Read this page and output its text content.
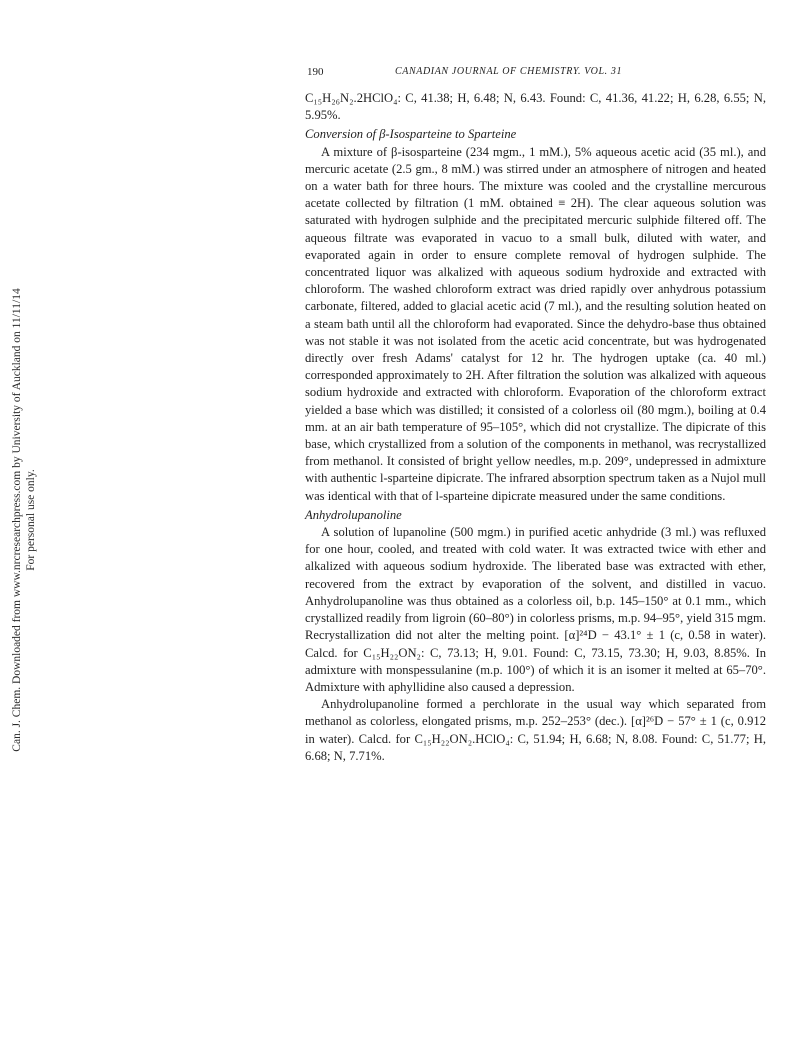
Can. J. Chem. Downloaded from www.nrcresearchpress.com by University of Auckland on 11/11/14 For personal use only.
190	CANADIAN JOURNAL OF CHEMISTRY. VOL. 31

C₁₅H₂₆N₂.2HClO₄: C, 41.38; H, 6.48; N, 6.43. Found: C, 41.36, 41.22; H, 6.28, 6.55; N, 5.95%.

Conversion of β-Isosparteine to Sparteine

A mixture of β-isosparteine (234 mgm., 1 mM.), 5% aqueous acetic acid (35 ml.), and mercuric acetate (2.5 gm., 8 mM.) was stirred under an atmosphere of nitrogen and heated on a water bath for three hours. The mixture was cooled and the crystalline mercurous acetate collected by filtration (1 mM. obtained ≡ 2H). The clear aqueous solution was saturated with hydrogen sulphide and the precipitated mercuric sulphide filtered off. The aqueous filtrate was evaporated in vacuo to a small bulk, diluted with water, and evaporated again in order to ensure complete removal of hydrogen sulphide. The concentrated liquor was alkalized with aqueous sodium hydroxide and extracted with chloroform. The washed chloroform extract was dried rapidly over anhydrous potassium carbonate, filtered, added to glacial acetic acid (7 ml.), and the resulting solution heated on a steam bath until all the chloroform had evaporated. Since the dehydro-base thus obtained was not stable it was not isolated from the acetic acid concentrate, but was hydrogenated directly over fresh Adams' catalyst for 12 hr. The hydrogen uptake (ca. 40 ml.) corresponded approximately to 2H. After filtration the solution was alkalized with aqueous sodium hydroxide and extracted with chloroform. Evaporation of the chloroform extract yielded a base which was distilled; it consisted of a colorless oil (80 mgm.), boiling at 0.4 mm. at an air bath temperature of 95–105°, which did not crystallize. The dipicrate of this base, which crystallized from a solution of the components in methanol, was recrystallized from methanol. It consisted of bright yellow needles, m.p. 209°, undepressed in admixture with authentic l-sparteine dipicrate. The infrared absorption spectrum taken as a Nujol mull was identical with that of l-sparteine dipicrate measured under the same conditions.

Anhydrolupanoline

A solution of lupanoline (500 mgm.) in purified acetic anhydride (3 ml.) was refluxed for one hour, cooled, and treated with cold water. It was extracted twice with ether and alkalized with aqueous sodium hydroxide. The liberated base was extracted with ether, recovered from the extract by evaporation of the solvent, and distilled in vacuo. Anhydrolupanoline was thus obtained as a colorless oil, b.p. 145–150° at 0.1 mm., which crystallized readily from ligroin (60–80°) in colorless prisms, m.p. 94–95°, yield 315 mgm. Recrystallization did not alter the melting point. [α]²⁴D − 43.1° ± 1 (c, 0.58 in water). Calcd. for C₁₅H₂₂ON₂: C, 73.13; H, 9.01. Found: C, 73.15, 73.30; H, 9.03, 8.85%. In admixture with monspessulanine (m.p. 100°) of which it is an isomer it melted at 65–70°. Admixture with aphyllidine also caused a depression.

Anhydrolupanoline formed a perchlorate in the usual way which separated from methanol as colorless, elongated prisms, m.p. 252–253° (dec.). [α]²⁶D − 57° ± 1 (c, 0.912 in water). Calcd. for C₁₅H₂₂ON₂.HClO₄: C, 51.94; H, 6.68; N, 8.08. Found: C, 51.77; H, 6.68; N, 7.71%.
